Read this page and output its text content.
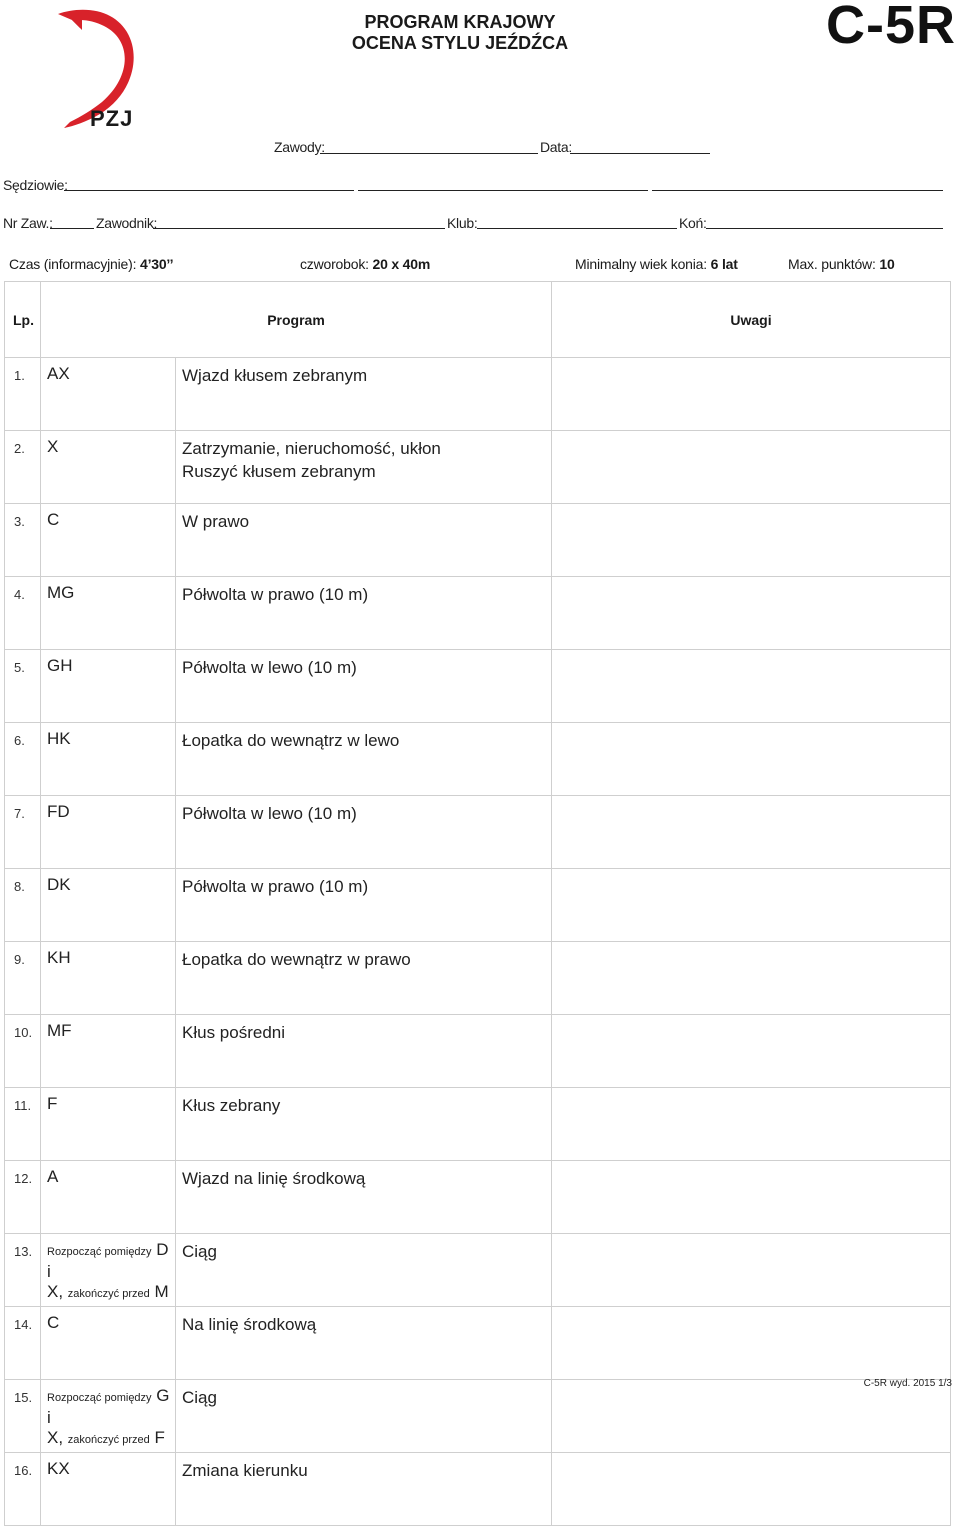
PZJ
PROGRAM KRAJOWY
OCENA STYLU JEŹDŹCA	C-5R
Zawody:	Data:
Sędziowie:
Nr Zaw.:	Zawodnik:	Klub:	Koń:
Czas (informacyjnie): 4’30’’	czworobok: 20 x 40m	Minimalny wiek konia: 6 lat	Max. punktów: 10
Lp.	Program		Uwagi
1.	AX	Wjazd kłusem zebranym	
2.	X	Zatrzymanie, nieruchomość, ukłon
Ruszyć kłusem zebranym	

3.	C	W prawo	
4.	MG	Półwolta w prawo (10 m)	
5.	GH	Półwolta w lewo (10 m)	
6.	HK	Łopatka do wewnątrz w lewo	
7.	FD	Półwolta w lewo (10 m)	
8.	DK	Półwolta w prawo (10 m)	
9.	KH	Łopatka do wewnątrz w prawo	
10.	MF	Kłus pośredni	
11.	F	Kłus zebrany	
12.	A	Wjazd na linię środkową	
13.	Rozpocząć pomiędzy D i
X, zakończyć przed M	Ciąg	
14.	C	Na linię środkową	
15.	Rozpocząć pomiędzy G i
X, zakończyć przed F	Ciąg	
16.	KX	Zmiana kierunku	
C-5R wyd. 2015 1/3
